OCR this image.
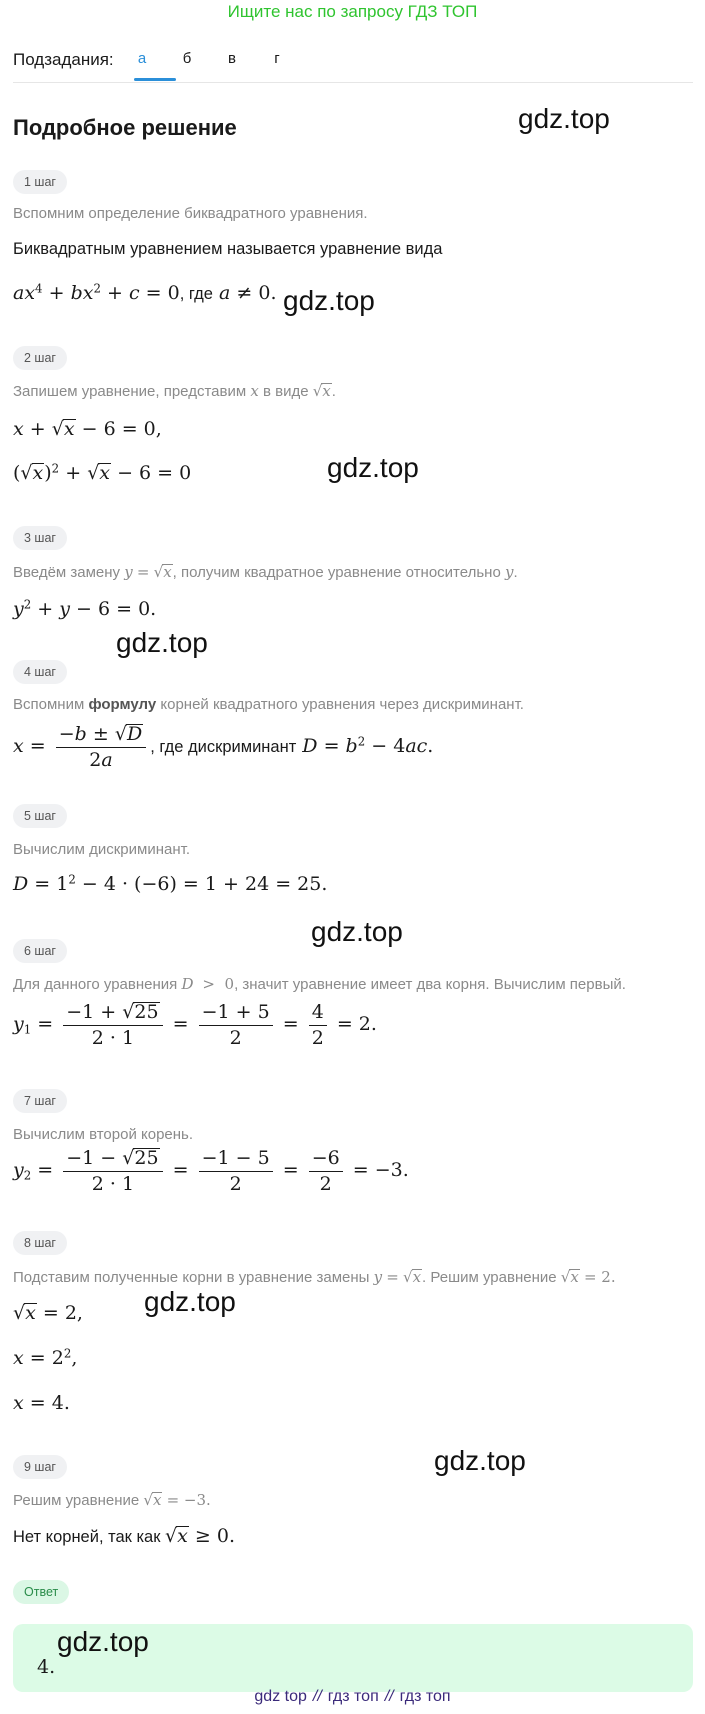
Ищите нас по запросу ГДЗ ТОП
Подзадания:	а	б	в	г
Подробное решение	gdz.top
gdz.top
gdz.top
gdz.top
gdz.top
gdz.top
gdz.top
1 шаг
Вспомним определение биквадратного уравнения.
Биквадратным уравнением называется уравнение вида
$ax^4 + bx^2 + c = 0$, где a ≠ 0.
2 шаг
Запишем уравнение, представим x в виде √x.
x + √x − 6 = 0,
$(√x)^2 + √x - 6 = 0$
3 шаг
Введём замену y = √x, получим квадратное уравнение относительно y.
$y^2 + y - 6 = 0$.
4 шаг
Вспомним формулу корней квадратного уравнения через дискриминант.
$x = \frac{-b \pm √D}{2a}$ , где дискриминант $D = b^2 - 4ac$.
5 шаг
Вычислим дискриминант.
$D = 1^2 - 4 \cdot (-6) = 1 + 24 = 25$.
6 шаг
Для данного уравнения D  >  0, значит уравнение имеет два корня. Вычислим первый.
$y_1 = \frac{-1 + √25}{2 \cdot 1} = \frac{-1 + 5}{2} = \frac{4}{2} = 2$.
7 шаг
Вычислим второй корень.
$y_2 = \frac{-1 - √25}{2 \cdot 1} = \frac{-1 - 5}{2} = \frac{-6}{2} = -3$.
8 шаг
Подставим полученные корни в уравнение замены y = √x. Решим уравнение √x = 2.
√x = 2,
$x = 2^2$,
x = 4.
9 шаг
Решим уравнение √x = −3.
Нет корней, так как √x ≥ 0.
Ответ
4.
gdz.top
gdz top // гдз топ // гдз топ
